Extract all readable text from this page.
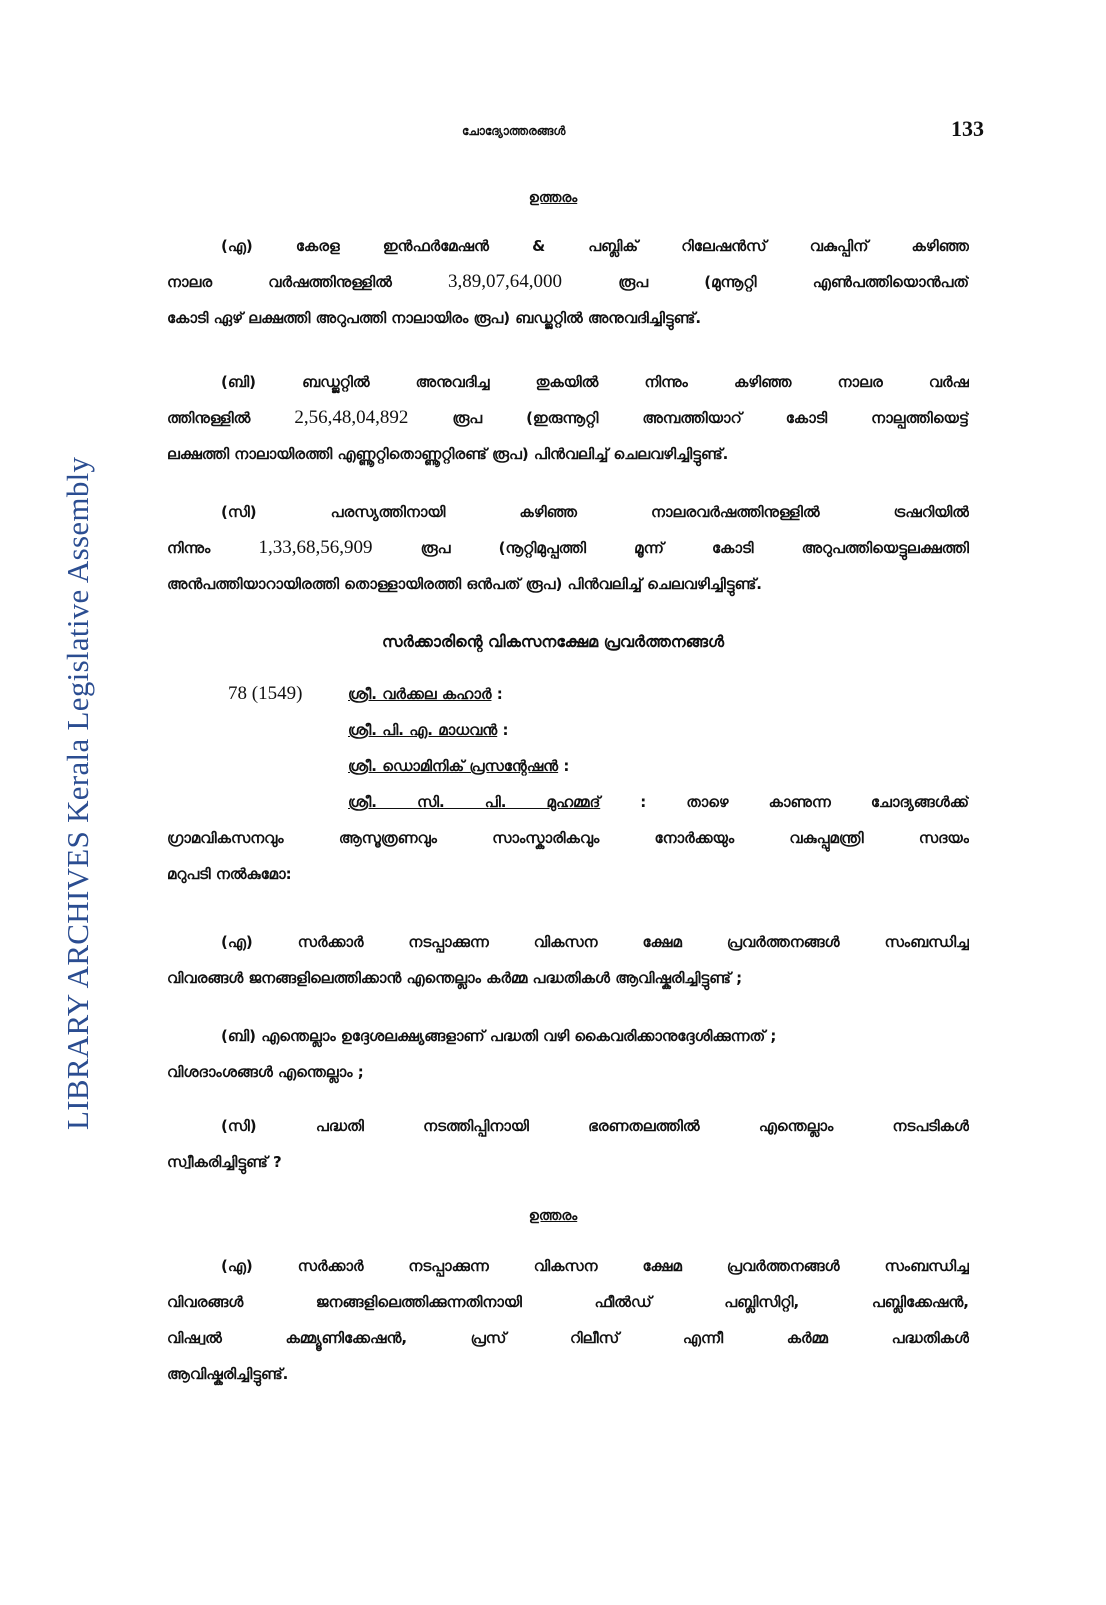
LIBRARY ARCHIVES Kerala Legislative Assembly
ചോദ്യോത്തരങ്ങൾ	133
ഉത്തരം
(എ) കേരള ഇൻഫർമേഷൻ & പബ്ലിക് റിലേഷൻസ് വകുപ്പിന് കഴിഞ്ഞ
നാലര വർഷത്തിനുള്ളിൽ 3,89,07,64,000 രൂപ (മുന്നൂറ്റി എൺപത്തിയൊൻപത്
കോടി ഏഴ് ലക്ഷത്തി അറുപത്തി നാലായിരം രൂപ) ബഡ്ജറ്റിൽ അനുവദിച്ചിട്ടുണ്ട്.
(ബി) ബഡ്ജറ്റിൽ അനുവദിച്ച തുകയിൽ നിന്നും കഴിഞ്ഞ നാലര വർഷ
ത്തിനുള്ളിൽ 2,56,48,04,892 രൂപ (ഇരുന്നൂറ്റി അമ്പത്തിയാറ് കോടി നാല്പത്തിയെട്ട്
ലക്ഷത്തി നാലായിരത്തി എണ്ണൂറ്റിതൊണ്ണൂറ്റിരണ്ട് രൂപ) പിൻവലിച്ച് ചെലവഴിച്ചിട്ടുണ്ട്.
(സി) പരസ്യത്തിനായി കഴിഞ്ഞ നാലരവർഷത്തിനുള്ളിൽ ട്രഷറിയിൽ
നിന്നും 1,33,68,56,909 രൂപ (നൂറ്റിമുപ്പത്തി മൂന്ന് കോടി അറുപത്തിയെട്ടുലക്ഷത്തി
അൻപത്തിയാറായിരത്തി തൊള്ളായിരത്തി ഒൻപത് രൂപ) പിൻവലിച്ച് ചെലവഴിച്ചിട്ടുണ്ട്.
സർക്കാരിന്റെ വികസനക്ഷേമ പ്രവർത്തനങ്ങൾ
78 (1549)	ശ്രീ. വർക്കല കഹാർ :
ശ്രീ. പി. എ. മാധവൻ :
ശ്രീ. ഡൊമിനിക് പ്രസന്റേഷൻ :
ശ്രീ. സി. പി. മുഹമ്മദ് : താഴെ കാണുന്ന ചോദ്യങ്ങൾക്ക്
ഗ്രാമവികസനവും ആസൂത്രണവും സാംസ്കാരികവും നോർക്കയും വകുപ്പുമന്ത്രി സദയം
മറുപടി നൽകുമോ:
(എ) സർക്കാർ നടപ്പാക്കുന്ന വികസന ക്ഷേമ പ്രവർത്തനങ്ങൾ സംബന്ധിച്ച
വിവരങ്ങൾ ജനങ്ങളിലെത്തിക്കാൻ എന്തെല്ലാം കർമ്മ പദ്ധതികൾ ആവിഷ്കരിച്ചിട്ടുണ്ട് ;
(ബി) എന്തെല്ലാം ഉദ്ദേശലക്ഷ്യങ്ങളാണ് പദ്ധതി വഴി കൈവരിക്കാനുദ്ദേശിക്കുന്നത് ;
വിശദാംശങ്ങൾ എന്തെല്ലാം ;
(സി) പദ്ധതി നടത്തിപ്പിനായി ഭരണതലത്തിൽ എന്തെല്ലാം നടപടികൾ
സ്വീകരിച്ചിട്ടുണ്ട് ?
ഉത്തരം
(എ) സർക്കാർ നടപ്പാക്കുന്ന വികസന ക്ഷേമ പ്രവർത്തനങ്ങൾ സംബന്ധിച്ച
വിവരങ്ങൾ ജനങ്ങളിലെത്തിക്കുന്നതിനായി ഫീൽഡ് പബ്ലിസിറ്റി, പബ്ലിക്കേഷൻ,
വിഷ്വൽ കമ്മ്യൂണിക്കേഷൻ, പ്രസ് റിലീസ് എന്നീ കർമ്മ പദ്ധതികൾ
ആവിഷ്കരിച്ചിട്ടുണ്ട്.
